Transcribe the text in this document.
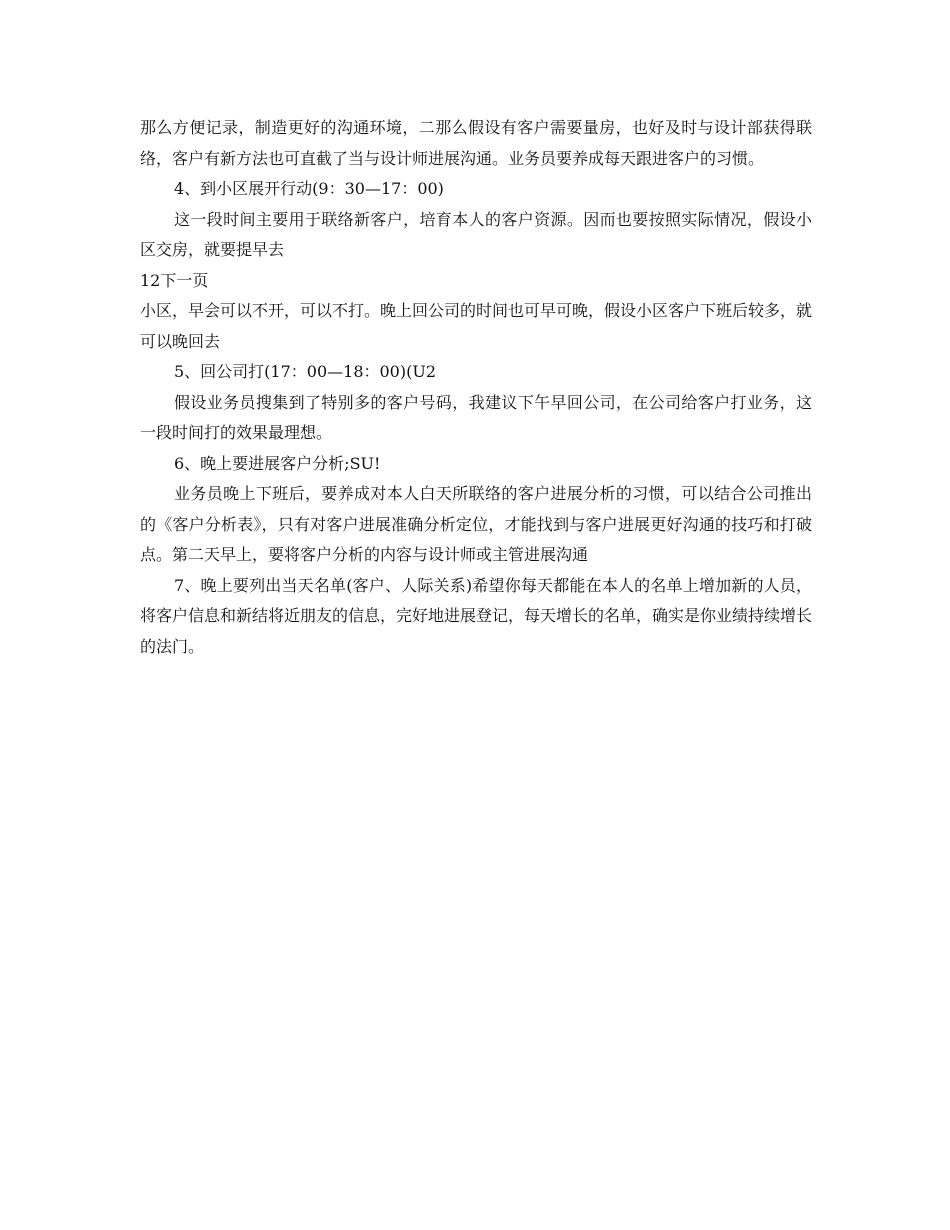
那么方便记录，制造更好的沟通环境，二那么假设有客户需要量房，也好及时与设计部获得联络，客户有新方法也可直截了当与设计师进展沟通。业务员要养成每天跟进客户的习惯。

4、到小区展开行动(9：30—17：00)

这一段时间主要用于联络新客户，培育本人的客户资源。因而也要按照实际情况，假设小区交房，就要提早去

12下一页

小区，早会可以不开，可以不打。晚上回公司的时间也可早可晚，假设小区客户下班后较多，就可以晚回去

5、回公司打(17：00—18：00)(U2

假设业务员搜集到了特别多的客户号码，我建议下午早回公司，在公司给客户打业务，这一段时间打的效果最理想。

6、晚上要进展客户分析;SU!

业务员晚上下班后，要养成对本人白天所联络的客户进展分析的习惯，可以结合公司推出的《客户分析表》，只有对客户进展准确分析定位，才能找到与客户进展更好沟通的技巧和打破点。第二天早上，要将客户分析的内容与设计师或主管进展沟通

7、晚上要列出当天名单(客户、人际关系)希望你每天都能在本人的名单上增加新的人员，将客户信息和新结将近朋友的信息，完好地进展登记，每天增长的名单，确实是你业绩持续增长的法门。
